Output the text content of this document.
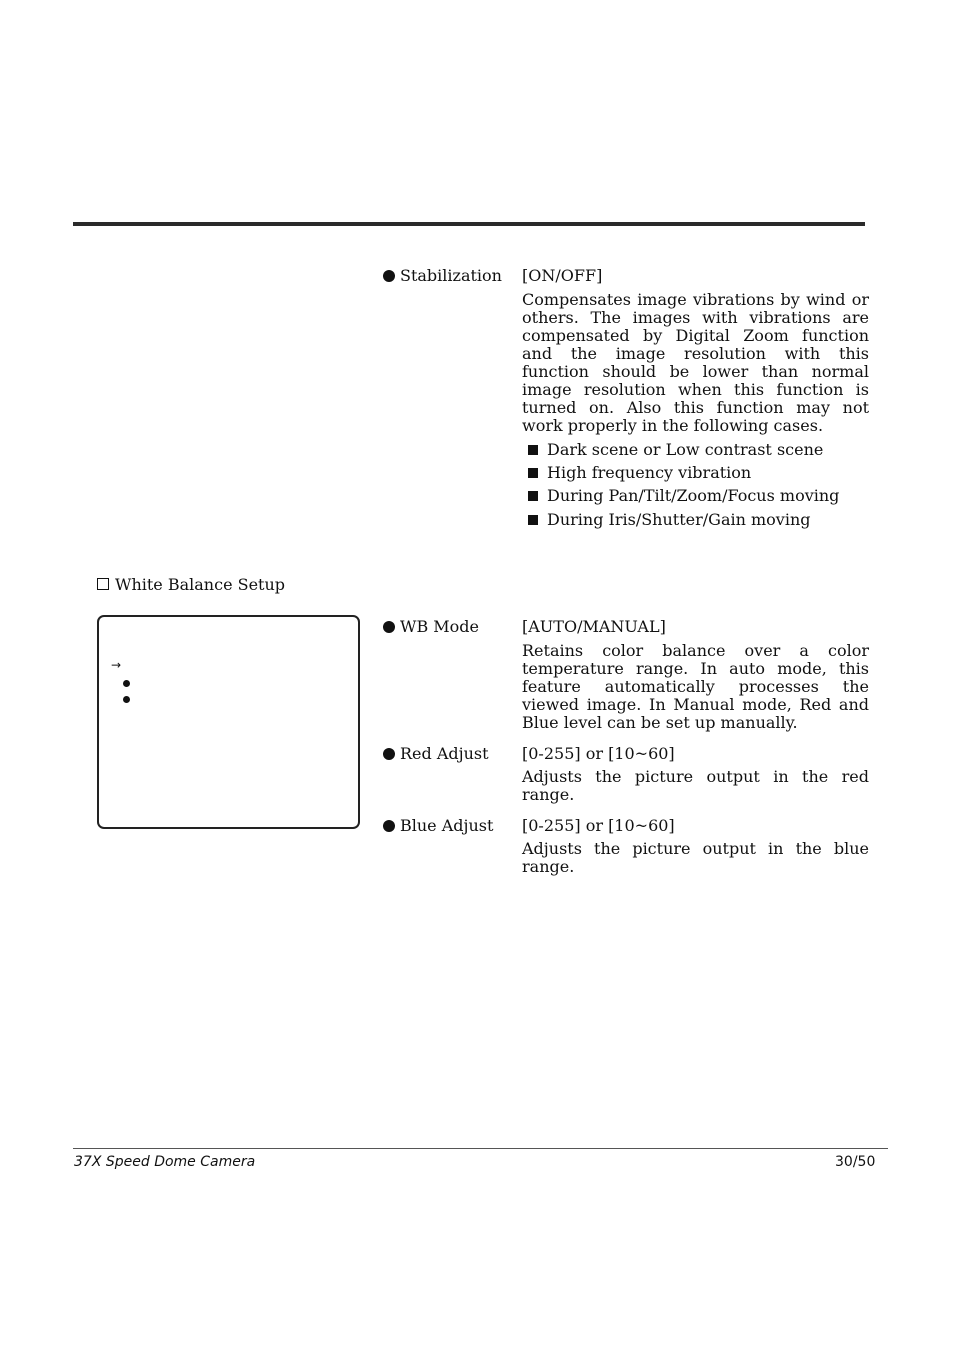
Stabilization [ON/OFF]
Compensates image vibrations by wind or others. The images with vibrations are compensated by Digital Zoom function and the image resolution with this function should be lower than normal image resolution when this function is turned on. Also this function may not work properly in the following cases.
Dark scene or Low contrast scene
High frequency vibration
During Pan/Tilt/Zoom/Focus moving
During Iris/Shutter/Gain moving
White Balance Setup
→
WB Mode	[AUTO/MANUAL]
Retains color balance over a color temperature range. In auto mode, this feature automatically processes the viewed image. In Manual mode, Red and Blue level can be set up manually.
Red Adjust [0-255] or [10~60]
Adjusts the picture output in the red range.
Blue Adjust [0-255] or [10~60]
Adjusts the picture output in the blue range.
37X Speed Dome Camera	30/50
